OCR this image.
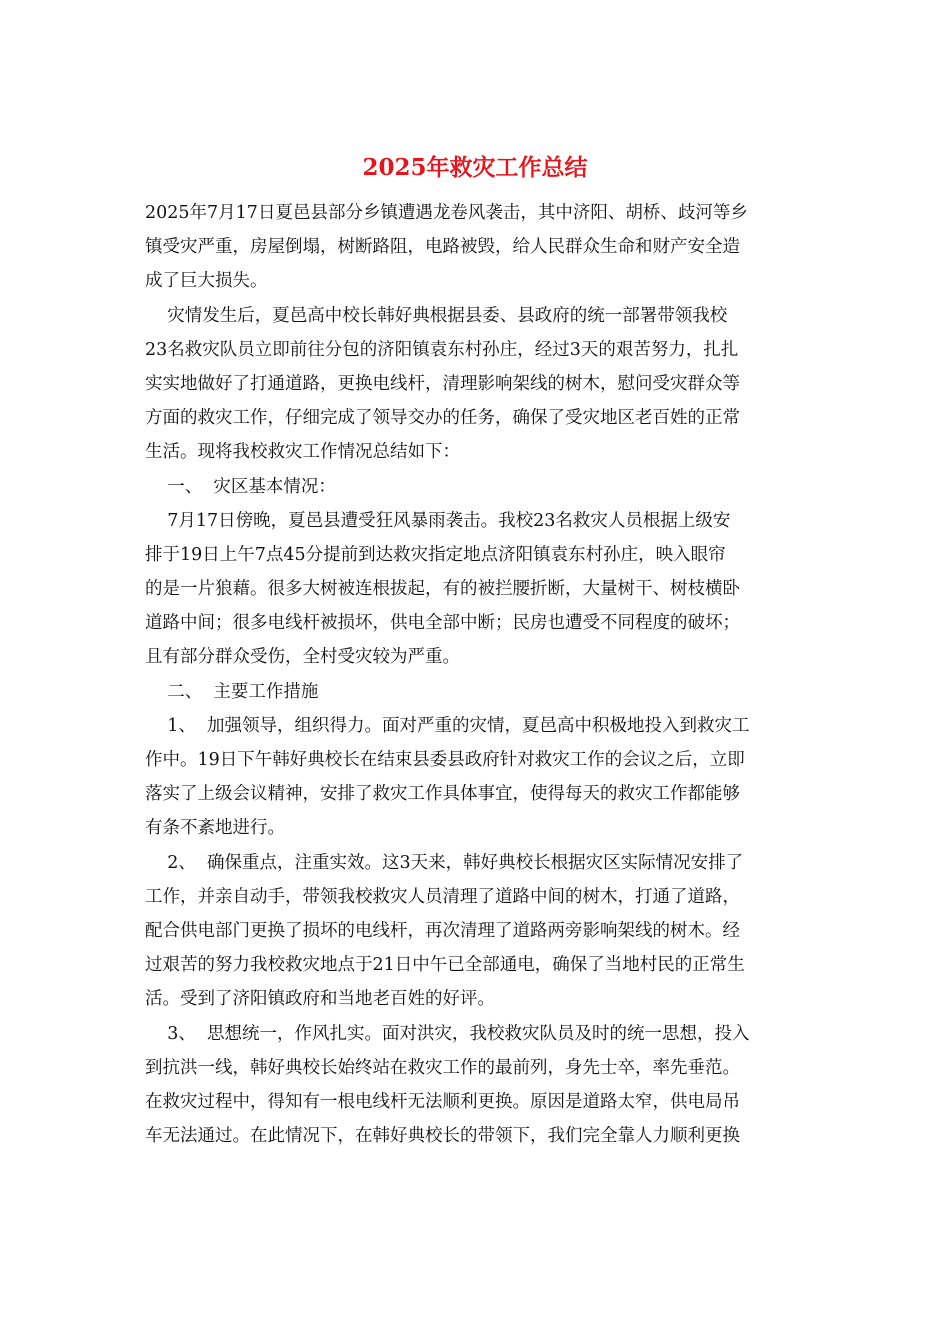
2025年救灾工作总结
2025年7月17日夏邑县部分乡镇遭遇龙卷风袭击，其中济阳、胡桥、歧河等乡
镇受灾严重，房屋倒塌，树断路阻，电路被毁，给人民群众生命和财产安全造
成了巨大损失。
灾情发生后，夏邑高中校长韩好典根据县委、县政府的统一部署带领我校
23名救灾队员立即前往分包的济阳镇袁东村孙庄，经过3天的艰苦努力，扎扎
实实地做好了打通道路，更换电线杆，清理影响架线的树木，慰问受灾群众等
方面的救灾工作，仔细完成了领导交办的任务，确保了受灾地区老百姓的正常
生活。现将我校救灾工作情况总结如下：
一、  灾区基本情况：
7月17日傍晚，夏邑县遭受狂风暴雨袭击。我校23名救灾人员根据上级安
排于19日上午7点45分提前到达救灾指定地点济阳镇袁东村孙庄，映入眼帘
的是一片狼藉。很多大树被连根拔起，有的被拦腰折断，大量树干、树枝横卧
道路中间；很多电线杆被损坏，供电全部中断；民房也遭受不同程度的破坏；
且有部分群众受伤，全村受灾较为严重。
二、  主要工作措施
1、  加强领导，组织得力。面对严重的灾情，夏邑高中积极地投入到救灾工
作中。19日下午韩好典校长在结束县委县政府针对救灾工作的会议之后，立即
落实了上级会议精神，安排了救灾工作具体事宜，使得每天的救灾工作都能够
有条不紊地进行。
2、  确保重点，注重实效。这3天来，韩好典校长根据灾区实际情况安排了
工作，并亲自动手，带领我校救灾人员清理了道路中间的树木，打通了道路，
配合供电部门更换了损坏的电线杆，再次清理了道路两旁影响架线的树木。经
过艰苦的努力我校救灾地点于21日中午已全部通电，确保了当地村民的正常生
活。受到了济阳镇政府和当地老百姓的好评。
3、  思想统一，作风扎实。面对洪灾，我校救灾队员及时的统一思想，投入
到抗洪一线，韩好典校长始终站在救灾工作的最前列，身先士卒，率先垂范。
在救灾过程中，得知有一根电线杆无法顺利更换。原因是道路太窄，供电局吊
车无法通过。在此情况下，在韩好典校长的带领下，我们完全靠人力顺利更换
